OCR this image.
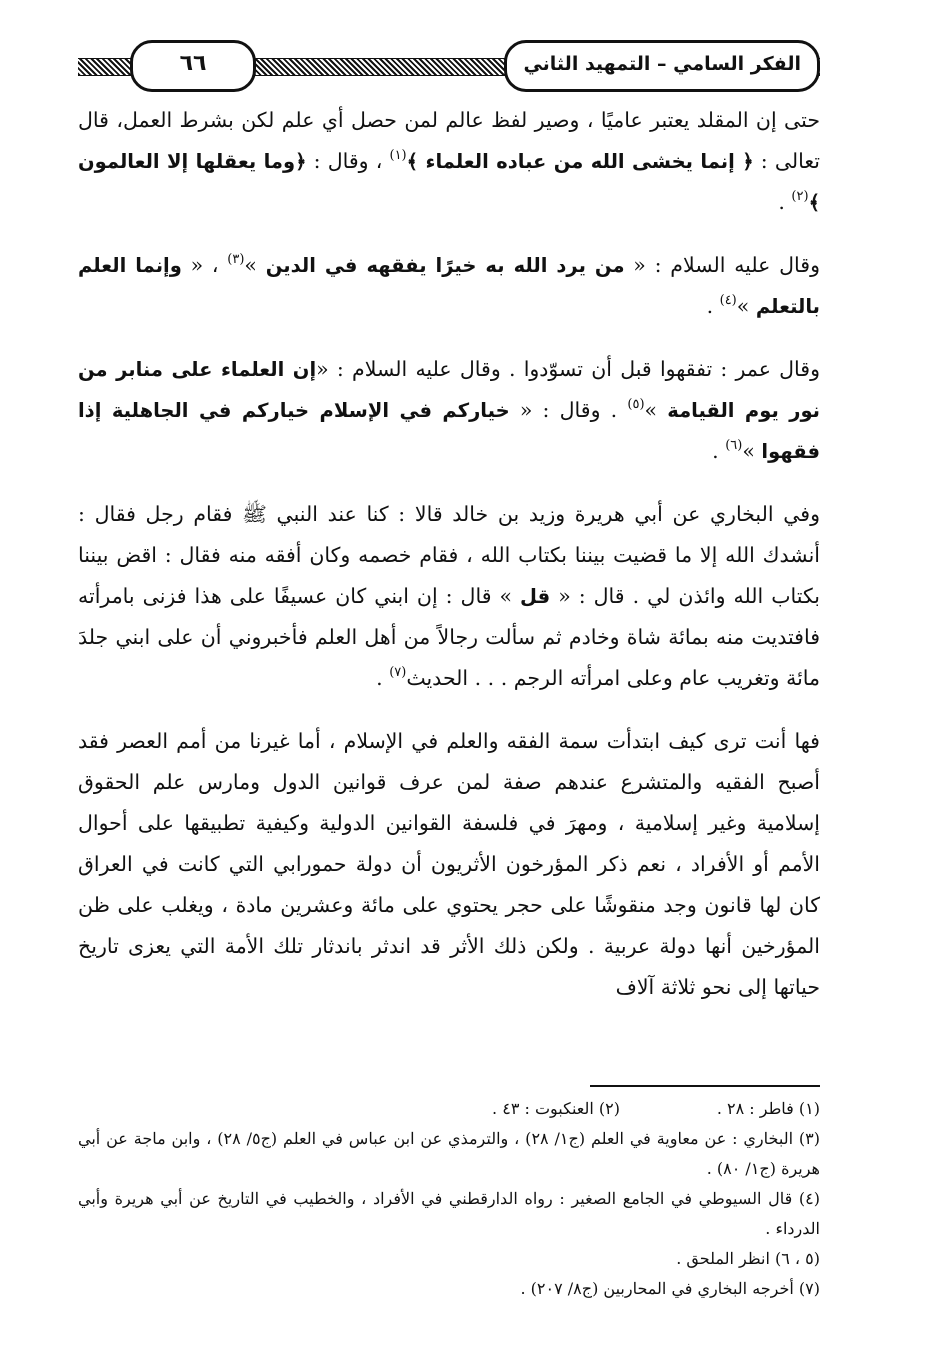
الفكر السامي – التمهيد الثاني
٦٦

حتى إن المقلد يعتبر عاميًا ، وصير لفظ عالم لمن حصل أي علم لكن بشرط العمل، قال تعالى : ﴿ إنما يخشى الله من عباده العلماء ﴾$^{(١)}$ ، وقال : ﴿وما يعقلها إلا العالمون ﴾$^{(٢)}$ .

وقال عليه السلام : « من يرد الله به خيرًا يفقهه في الدين »$^{(٣)}$ ، « وإنما العلم بالتعلم »$^{(٤)}$ .

وقال عمر : تفقهوا قبل أن تسوّدوا . وقال عليه السلام : «إن العلماء على منابر من نور يوم القيامة »$^{(٥)}$ . وقال : « خياركم في الإسلام خياركم في الجاهلية إذا فقهوا »$^{(٦)}$ .

وفي البخاري عن أبي هريرة وزيد بن خالد قالا : كنا عند النبي ﷺ فقام رجل فقال : أنشدك الله إلا ما قضيت بيننا بكتاب الله ، فقام خصمه وكان أفقه منه فقال : اقض بيننا بكتاب الله وائذن لي . قال : « قل » قال : إن ابني كان عسيفًا على هذا فزنى بامرأته فافتديت منه بمائة شاة وخادم ثم سألت رجالاً من أهل العلم فأخبروني أن على ابني جلدَ مائة وتغريب عام وعلى امرأته الرجم . . . الحديث$^{(٧)}$ .

فها أنت ترى كيف ابتدأت سمة الفقه والعلم في الإسلام ، أما غيرنا من أمم العصر فقد أصبح الفقيه والمتشرع عندهم صفة لمن عرف قوانين الدول ومارس علم الحقوق إسلامية وغير إسلامية ، ومهرَ في فلسفة القوانين الدولية وكيفية تطبيقها على أحوال الأمم أو الأفراد ، نعم ذكر المؤرخون الأثريون أن دولة حمورابي التي كانت في العراق كان لها قانون وجد منقوشًا على حجر يحتوي على مائة وعشرين مادة ، ويغلب على ظن المؤرخين أنها دولة عربية . ولكن ذلك الأثر قد اندثر باندثار تلك الأمة التي يعزى تاريخ حياتها إلى نحو ثلاثة آلاف

(١) فاطر : ٢٨ .
(٢) العنكبوت : ٤٣ .

(٣) البخاري : عن معاوية في العلم (ج١/ ٢٨) ، والترمذي عن ابن عباس في العلم (ج٥/ ٢٨) ، وابن ماجة عن أبي هريرة (ج١/ ٨٠) .

(٤) قال السيوطي في الجامع الصغير : رواه الدارقطني في الأفراد ، والخطيب في التاريخ عن أبي هريرة وأبي الدرداء .

(٥ ، ٦) انظر الملحق .

(٧) أخرجه البخاري في المحاربين (ج٨/ ٢٠٧) .
